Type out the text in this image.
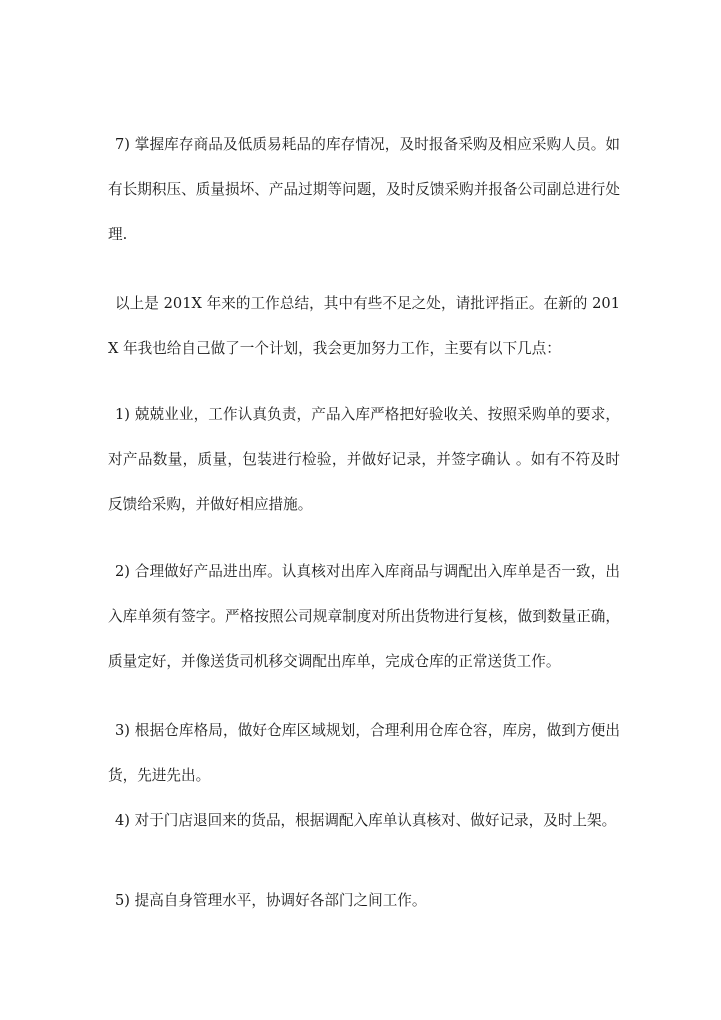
7) 掌握库存商品及低质易耗品的库存情况，及时报备采购及相应采购人员。如有长期积压、质量损坏、产品过期等问题，及时反馈采购并报备公司副总进行处理.

以上是 201X 年来的工作总结，其中有些不足之处，请批评指正。在新的 201X 年我也给自己做了一个计划，我会更加努力工作，主要有以下几点：

1) 兢兢业业，工作认真负责，产品入库严格把好验收关、按照采购单的要求，对产品数量，质量，包装进行检验，并做好记录，并签字确认 。如有不符及时反馈给采购，并做好相应措施。

2) 合理做好产品进出库。认真核对出库入库商品与调配出入库单是否一致，出入库单须有签字。严格按照公司规章制度对所出货物进行复核，做到数量正确，质量定好，并像送货司机移交调配出库单，完成仓库的正常送货工作。

3) 根据仓库格局，做好仓库区域规划，合理利用仓库仓容，库房，做到方便出货，先进先出。

4) 对于门店退回来的货品，根据调配入库单认真核对、做好记录，及时上架。

5) 提高自身管理水平，协调好各部门之间工作。
